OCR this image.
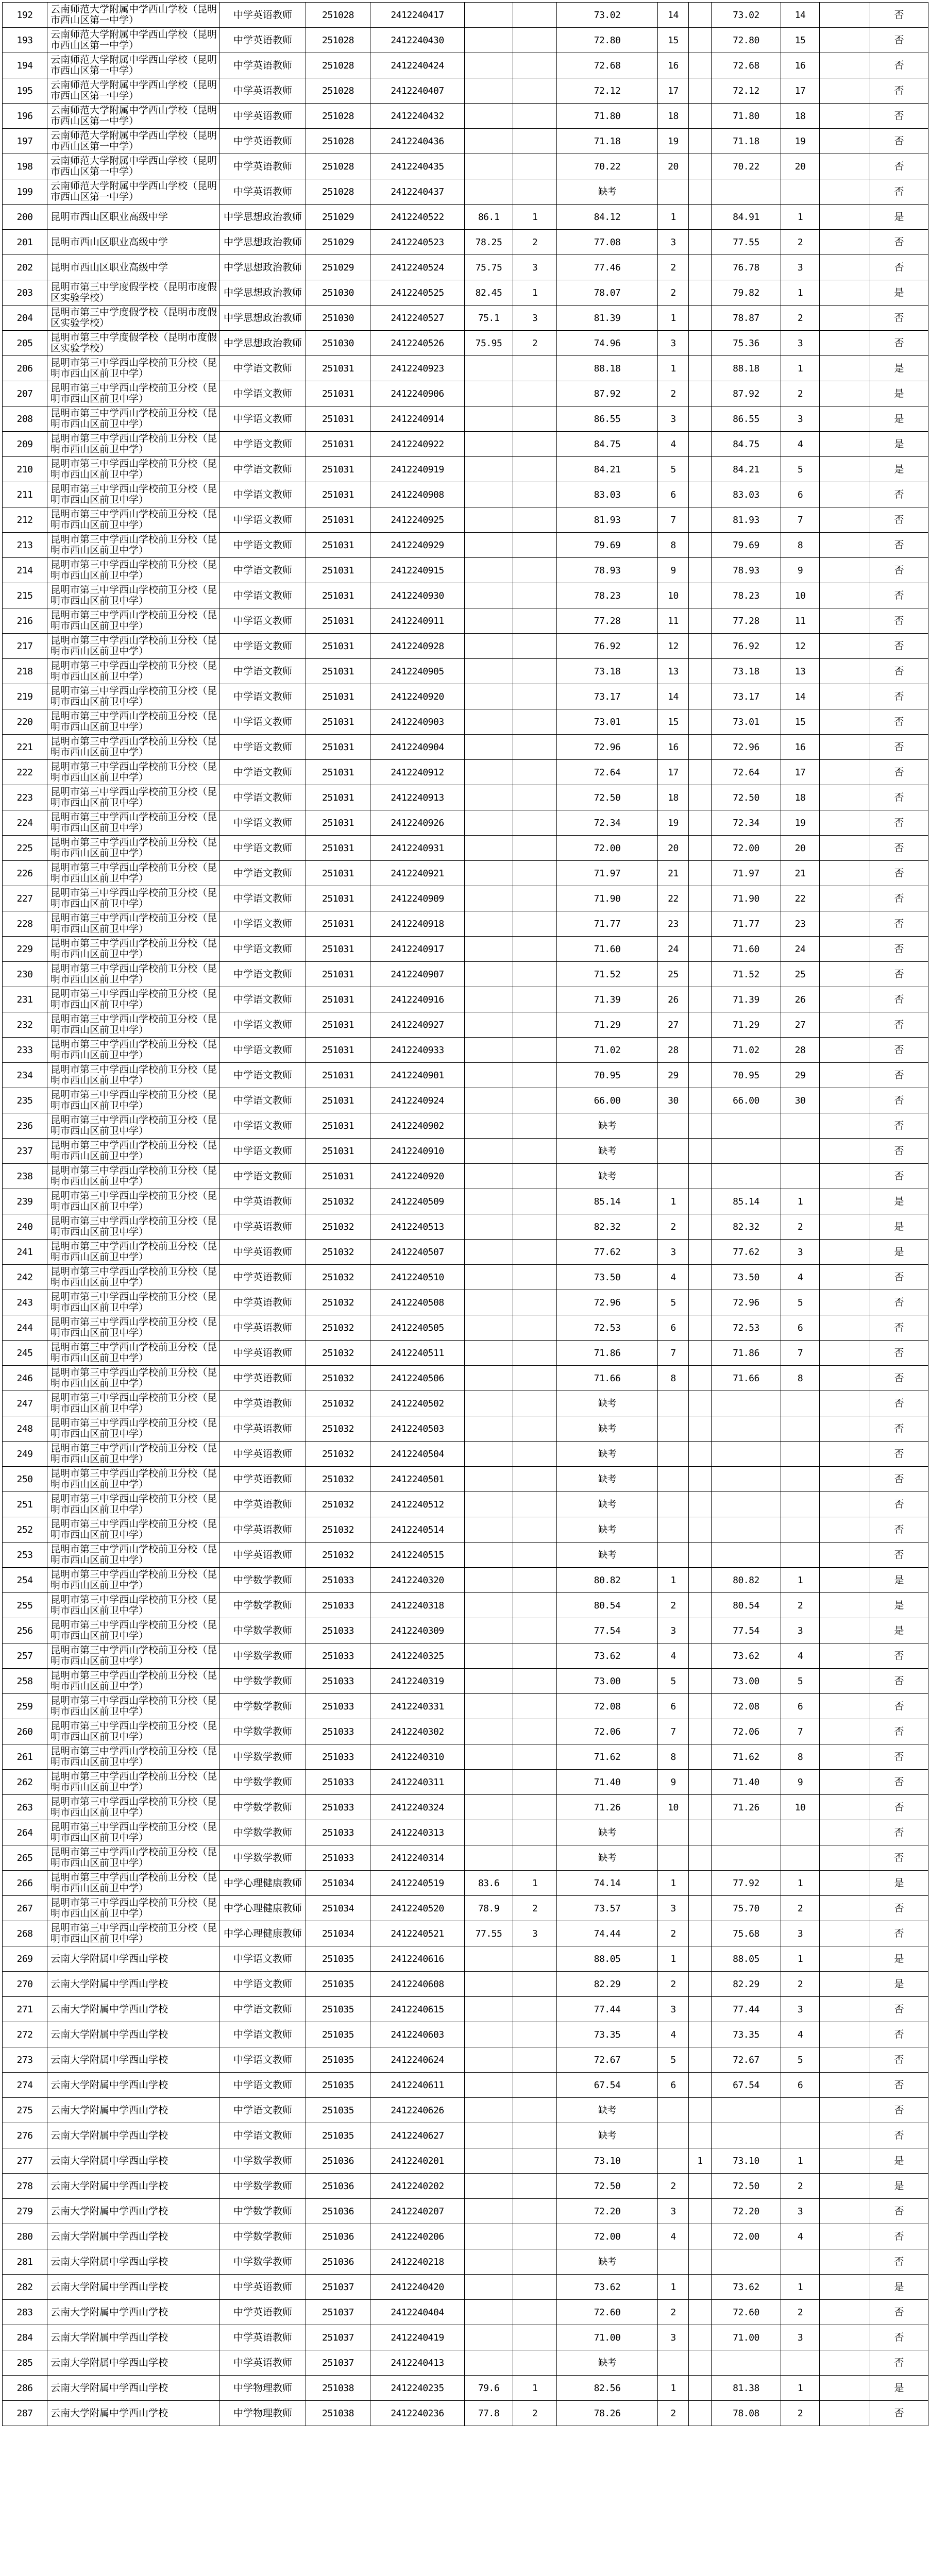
192	云南师范大学附属中学西山学校（昆明市西山区第一中学）	中学英语教师	251028	2412240417			73.02	14		73.02	14		否
193	云南师范大学附属中学西山学校（昆明市西山区第一中学）	中学英语教师	251028	2412240430			72.80	15		72.80	15		否
194	云南师范大学附属中学西山学校（昆明市西山区第一中学）	中学英语教师	251028	2412240424			72.68	16		72.68	16		否
195	云南师范大学附属中学西山学校（昆明市西山区第一中学）	中学英语教师	251028	2412240407			72.12	17		72.12	17		否
196	云南师范大学附属中学西山学校（昆明市西山区第一中学）	中学英语教师	251028	2412240432			71.80	18		71.80	18		否
197	云南师范大学附属中学西山学校（昆明市西山区第一中学）	中学英语教师	251028	2412240436			71.18	19		71.18	19		否
198	云南师范大学附属中学西山学校（昆明市西山区第一中学）	中学英语教师	251028	2412240435			70.22	20		70.22	20		否
199	云南师范大学附属中学西山学校（昆明市西山区第一中学）	中学英语教师	251028	2412240437			缺考						否
200	昆明市西山区职业高级中学	中学思想政治教师	251029	2412240522	86.1	1	84.12	1		84.91	1		是
201	昆明市西山区职业高级中学	中学思想政治教师	251029	2412240523	78.25	2	77.08	3		77.55	2		否
202	昆明市西山区职业高级中学	中学思想政治教师	251029	2412240524	75.75	3	77.46	2		76.78	3		否
203	昆明市第三中学度假学校（昆明市度假区实验学校）	中学思想政治教师	251030	2412240525	82.45	1	78.07	2		79.82	1		是
204	昆明市第三中学度假学校（昆明市度假区实验学校）	中学思想政治教师	251030	2412240527	75.1	3	81.39	1		78.87	2		否
205	昆明市第三中学度假学校（昆明市度假区实验学校）	中学思想政治教师	251030	2412240526	75.95	2	74.96	3		75.36	3		否
206	昆明市第三中学西山学校前卫分校（昆明市西山区前卫中学）	中学语文教师	251031	2412240923			88.18	1		88.18	1		是
207	昆明市第三中学西山学校前卫分校（昆明市西山区前卫中学）	中学语文教师	251031	2412240906			87.92	2		87.92	2		是
208	昆明市第三中学西山学校前卫分校（昆明市西山区前卫中学）	中学语文教师	251031	2412240914			86.55	3		86.55	3		是
209	昆明市第三中学西山学校前卫分校（昆明市西山区前卫中学）	中学语文教师	251031	2412240922			84.75	4		84.75	4		是
210	昆明市第三中学西山学校前卫分校（昆明市西山区前卫中学）	中学语文教师	251031	2412240919			84.21	5		84.21	5		是
211	昆明市第三中学西山学校前卫分校（昆明市西山区前卫中学）	中学语文教师	251031	2412240908			83.03	6		83.03	6		否
212	昆明市第三中学西山学校前卫分校（昆明市西山区前卫中学）	中学语文教师	251031	2412240925			81.93	7		81.93	7		否
213	昆明市第三中学西山学校前卫分校（昆明市西山区前卫中学）	中学语文教师	251031	2412240929			79.69	8		79.69	8		否
214	昆明市第三中学西山学校前卫分校（昆明市西山区前卫中学）	中学语文教师	251031	2412240915			78.93	9		78.93	9		否
215	昆明市第三中学西山学校前卫分校（昆明市西山区前卫中学）	中学语文教师	251031	2412240930			78.23	10		78.23	10		否
216	昆明市第三中学西山学校前卫分校（昆明市西山区前卫中学）	中学语文教师	251031	2412240911			77.28	11		77.28	11		否
217	昆明市第三中学西山学校前卫分校（昆明市西山区前卫中学）	中学语文教师	251031	2412240928			76.92	12		76.92	12		否
218	昆明市第三中学西山学校前卫分校（昆明市西山区前卫中学）	中学语文教师	251031	2412240905			73.18	13		73.18	13		否
219	昆明市第三中学西山学校前卫分校（昆明市西山区前卫中学）	中学语文教师	251031	2412240920			73.17	14		73.17	14		否
220	昆明市第三中学西山学校前卫分校（昆明市西山区前卫中学）	中学语文教师	251031	2412240903			73.01	15		73.01	15		否
221	昆明市第三中学西山学校前卫分校（昆明市西山区前卫中学）	中学语文教师	251031	2412240904			72.96	16		72.96	16		否
222	昆明市第三中学西山学校前卫分校（昆明市西山区前卫中学）	中学语文教师	251031	2412240912			72.64	17		72.64	17		否
223	昆明市第三中学西山学校前卫分校（昆明市西山区前卫中学）	中学语文教师	251031	2412240913			72.50	18		72.50	18		否
224	昆明市第三中学西山学校前卫分校（昆明市西山区前卫中学）	中学语文教师	251031	2412240926			72.34	19		72.34	19		否
225	昆明市第三中学西山学校前卫分校（昆明市西山区前卫中学）	中学语文教师	251031	2412240931			72.00	20		72.00	20		否
226	昆明市第三中学西山学校前卫分校（昆明市西山区前卫中学）	中学语文教师	251031	2412240921			71.97	21		71.97	21		否
227	昆明市第三中学西山学校前卫分校（昆明市西山区前卫中学）	中学语文教师	251031	2412240909			71.90	22		71.90	22		否
228	昆明市第三中学西山学校前卫分校（昆明市西山区前卫中学）	中学语文教师	251031	2412240918			71.77	23		71.77	23		否
229	昆明市第三中学西山学校前卫分校（昆明市西山区前卫中学）	中学语文教师	251031	2412240917			71.60	24		71.60	24		否
230	昆明市第三中学西山学校前卫分校（昆明市西山区前卫中学）	中学语文教师	251031	2412240907			71.52	25		71.52	25		否
231	昆明市第三中学西山学校前卫分校（昆明市西山区前卫中学）	中学语文教师	251031	2412240916			71.39	26		71.39	26		否
232	昆明市第三中学西山学校前卫分校（昆明市西山区前卫中学）	中学语文教师	251031	2412240927			71.29	27		71.29	27		否
233	昆明市第三中学西山学校前卫分校（昆明市西山区前卫中学）	中学语文教师	251031	2412240933			71.02	28		71.02	28		否
234	昆明市第三中学西山学校前卫分校（昆明市西山区前卫中学）	中学语文教师	251031	2412240901			70.95	29		70.95	29		否
235	昆明市第三中学西山学校前卫分校（昆明市西山区前卫中学）	中学语文教师	251031	2412240924			66.00	30		66.00	30		否
236	昆明市第三中学西山学校前卫分校（昆明市西山区前卫中学）	中学语文教师	251031	2412240902			缺考						否
237	昆明市第三中学西山学校前卫分校（昆明市西山区前卫中学）	中学语文教师	251031	2412240910			缺考						否
238	昆明市第三中学西山学校前卫分校（昆明市西山区前卫中学）	中学语文教师	251031	2412240920			缺考						否
239	昆明市第三中学西山学校前卫分校（昆明市西山区前卫中学）	中学英语教师	251032	2412240509			85.14	1		85.14	1		是
240	昆明市第三中学西山学校前卫分校（昆明市西山区前卫中学）	中学英语教师	251032	2412240513			82.32	2		82.32	2		是
241	昆明市第三中学西山学校前卫分校（昆明市西山区前卫中学）	中学英语教师	251032	2412240507			77.62	3		77.62	3		是
242	昆明市第三中学西山学校前卫分校（昆明市西山区前卫中学）	中学英语教师	251032	2412240510			73.50	4		73.50	4		否
243	昆明市第三中学西山学校前卫分校（昆明市西山区前卫中学）	中学英语教师	251032	2412240508			72.96	5		72.96	5		否
244	昆明市第三中学西山学校前卫分校（昆明市西山区前卫中学）	中学英语教师	251032	2412240505			72.53	6		72.53	6		否
245	昆明市第三中学西山学校前卫分校（昆明市西山区前卫中学）	中学英语教师	251032	2412240511			71.86	7		71.86	7		否
246	昆明市第三中学西山学校前卫分校（昆明市西山区前卫中学）	中学英语教师	251032	2412240506			71.66	8		71.66	8		否
247	昆明市第三中学西山学校前卫分校（昆明市西山区前卫中学）	中学英语教师	251032	2412240502			缺考						否
248	昆明市第三中学西山学校前卫分校（昆明市西山区前卫中学）	中学英语教师	251032	2412240503			缺考						否
249	昆明市第三中学西山学校前卫分校（昆明市西山区前卫中学）	中学英语教师	251032	2412240504			缺考						否
250	昆明市第三中学西山学校前卫分校（昆明市西山区前卫中学）	中学英语教师	251032	2412240501			缺考						否
251	昆明市第三中学西山学校前卫分校（昆明市西山区前卫中学）	中学英语教师	251032	2412240512			缺考						否
252	昆明市第三中学西山学校前卫分校（昆明市西山区前卫中学）	中学英语教师	251032	2412240514			缺考						否
253	昆明市第三中学西山学校前卫分校（昆明市西山区前卫中学）	中学英语教师	251032	2412240515			缺考						否
254	昆明市第三中学西山学校前卫分校（昆明市西山区前卫中学）	中学数学教师	251033	2412240320			80.82	1		80.82	1		是
255	昆明市第三中学西山学校前卫分校（昆明市西山区前卫中学）	中学数学教师	251033	2412240318			80.54	2		80.54	2		是
256	昆明市第三中学西山学校前卫分校（昆明市西山区前卫中学）	中学数学教师	251033	2412240309			77.54	3		77.54	3		是
257	昆明市第三中学西山学校前卫分校（昆明市西山区前卫中学）	中学数学教师	251033	2412240325			73.62	4		73.62	4		否
258	昆明市第三中学西山学校前卫分校（昆明市西山区前卫中学）	中学数学教师	251033	2412240319			73.00	5		73.00	5		否
259	昆明市第三中学西山学校前卫分校（昆明市西山区前卫中学）	中学数学教师	251033	2412240331			72.08	6		72.08	6		否
260	昆明市第三中学西山学校前卫分校（昆明市西山区前卫中学）	中学数学教师	251033	2412240302			72.06	7		72.06	7		否
261	昆明市第三中学西山学校前卫分校（昆明市西山区前卫中学）	中学数学教师	251033	2412240310			71.62	8		71.62	8		否
262	昆明市第三中学西山学校前卫分校（昆明市西山区前卫中学）	中学数学教师	251033	2412240311			71.40	9		71.40	9		否
263	昆明市第三中学西山学校前卫分校（昆明市西山区前卫中学）	中学数学教师	251033	2412240324			71.26	10		71.26	10		否
264	昆明市第三中学西山学校前卫分校（昆明市西山区前卫中学）	中学数学教师	251033	2412240313			缺考						否
265	昆明市第三中学西山学校前卫分校（昆明市西山区前卫中学）	中学数学教师	251033	2412240314			缺考						否
266	昆明市第三中学西山学校前卫分校（昆明市西山区前卫中学）	中学心理健康教师	251034	2412240519	83.6	1	74.14	1		77.92	1		是
267	昆明市第三中学西山学校前卫分校（昆明市西山区前卫中学）	中学心理健康教师	251034	2412240520	78.9	2	73.57	3		75.70	2		否
268	昆明市第三中学西山学校前卫分校（昆明市西山区前卫中学）	中学心理健康教师	251034	2412240521	77.55	3	74.44	2		75.68	3		否
269	云南大学附属中学西山学校	中学语文教师	251035	2412240616			88.05	1		88.05	1		是
270	云南大学附属中学西山学校	中学语文教师	251035	2412240608			82.29	2		82.29	2		是
271	云南大学附属中学西山学校	中学语文教师	251035	2412240615			77.44	3		77.44	3		否
272	云南大学附属中学西山学校	中学语文教师	251035	2412240603			73.35	4		73.35	4		否
273	云南大学附属中学西山学校	中学语文教师	251035	2412240624			72.67	5		72.67	5		否
274	云南大学附属中学西山学校	中学语文教师	251035	2412240611			67.54	6		67.54	6		否
275	云南大学附属中学西山学校	中学语文教师	251035	2412240626			缺考						否
276	云南大学附属中学西山学校	中学语文教师	251035	2412240627			缺考						否
277	云南大学附属中学西山学校	中学数学教师	251036	2412240201			73.10		1	73.10	1		是
278	云南大学附属中学西山学校	中学数学教师	251036	2412240202			72.50	2		72.50	2		是
279	云南大学附属中学西山学校	中学数学教师	251036	2412240207			72.20	3		72.20	3		否
280	云南大学附属中学西山学校	中学数学教师	251036	2412240206			72.00	4		72.00	4		否
281	云南大学附属中学西山学校	中学数学教师	251036	2412240218			缺考						否
282	云南大学附属中学西山学校	中学英语教师	251037	2412240420			73.62	1		73.62	1		是
283	云南大学附属中学西山学校	中学英语教师	251037	2412240404			72.60	2		72.60	2		否
284	云南大学附属中学西山学校	中学英语教师	251037	2412240419			71.00	3		71.00	3		否
285	云南大学附属中学西山学校	中学英语教师	251037	2412240413			缺考						否
286	云南大学附属中学西山学校	中学物理教师	251038	2412240235	79.6	1	82.56	1		81.38	1		是
287	云南大学附属中学西山学校	中学物理教师	251038	2412240236	77.8	2	78.26	2		78.08	2		否
